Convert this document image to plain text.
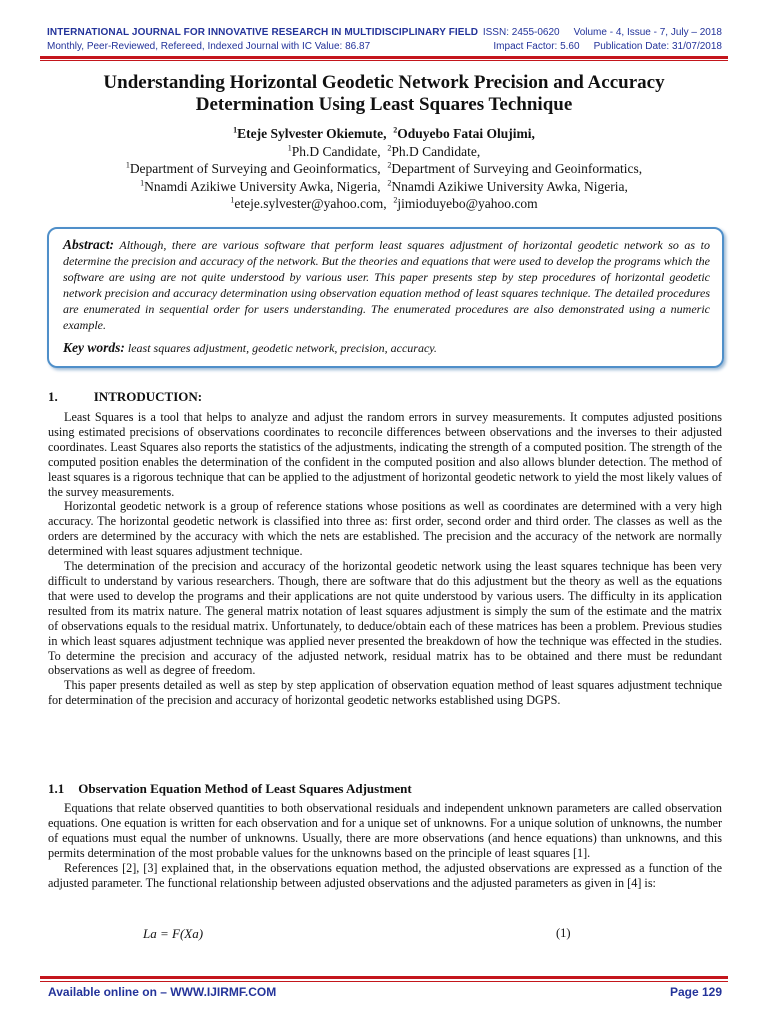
INTERNATIONAL JOURNAL FOR INNOVATIVE RESEARCH IN MULTIDISCIPLINARY FIELD ISSN: 2455-0620 Volume - 4, Issue - 7, July – 2018
Monthly, Peer-Reviewed, Refereed, Indexed Journal with IC Value: 86.87	Impact Factor: 5.60 Publication Date: 31/07/2018
Understanding Horizontal Geodetic Network Precision and Accuracy Determination Using Least Squares Technique
$^1$Eteje Sylvester Okiemute, $^2$Oduyebo Fatai Olujimi,
$^1$Ph.D Candidate, $^2$Ph.D Candidate,
$^1$Department of Surveying and Geoinformatics, $^2$Department of Surveying and Geoinformatics,
$^1$Nnamdi Azikiwe University Awka, Nigeria, $^2$Nnamdi Azikiwe University Awka, Nigeria,
$^1$eteje.sylvester@yahoo.com, $^2$jimioduyebo@yahoo.com
Abstract: Although, there are various software that perform least squares adjustment of horizontal geodetic network so as to determine the precision and accuracy of the network. But the theories and equations that were used to develop the programs which the software are using are not quite understood by various user. This paper presents step by step procedures of horizontal geodetic network precision and accuracy determination using observation equation method of least squares technique. The detailed procedures are enumerated in sequential order for users understanding. The enumerated procedures are also demonstrated using a numeric example.
Key words: least squares adjustment, geodetic network, precision, accuracy.
1.	INTRODUCTION:

Least Squares is a tool that helps to analyze and adjust the random errors in survey measurements. It computes adjusted positions using estimated precisions of observations coordinates to reconcile differences between observations and the inverses to their adjusted coordinates. Least Squares also reports the statistics of the adjustments, indicating the strength of a computed position. The strength of the computed position enables the determination of the confident in the computed position and also allows blunder detection. The method of least squares is a rigorous technique that can be applied to the adjustment of horizontal geodetic network to yield the most likely values of the survey measurements.

Horizontal geodetic network is a group of reference stations whose positions as well as coordinates are determined with a very high accuracy. The horizontal geodetic network is classified into three as: first order, second order and third order. The classes as well as the orders are determined by the accuracy with which the nets are established. The precision and the accuracy of the network are normally determined with least squares adjustment technique.

The determination of the precision and accuracy of the horizontal geodetic network using the least squares technique has been very difficult to understand by various researchers. Though, there are software that do this adjustment but the theory as well as the equations that were used to develop the programs and their applications are not quite understood by various users. The difficulty in its application resulted from its matrix nature. The general matrix notation of least squares adjustment is simply the sum of the estimate and the matrix of observations equals to the residual matrix. Unfortunately, to deduce/obtain each of these matrices has been a problem. Previous studies in which least squares adjustment technique was applied never presented the breakdown of how the technique was effected in the studies. To determine the precision and accuracy of the adjusted network, residual matrix has to be obtained and there must be redundant observations as well as degree of freedom.

This paper presents detailed as well as step by step application of observation equation method of least squares adjustment technique for determination of the precision and accuracy of horizontal geodetic networks established using DGPS.

1.1 Observation Equation Method of Least Squares Adjustment

Equations that relate observed quantities to both observational residuals and independent unknown parameters are called observation equations. One equation is written for each observation and for a unique set of unknowns. For a unique solution of unknowns, the number of equations must equal the number of unknowns. Usually, there are more observations (and hence equations) than unknowns, and this permits determination of the most probable values for the unknowns based on the principle of least squares [1].

References [2], [3] explained that, in the observations equation method, the adjusted observations are expressed as a function of the adjusted parameter. The functional relationship between adjusted observations and the adjusted parameters as given in [4] is:

La = F(Xa)	(1)
Available online on – WWW.IJIRMF.COM	Page 129
